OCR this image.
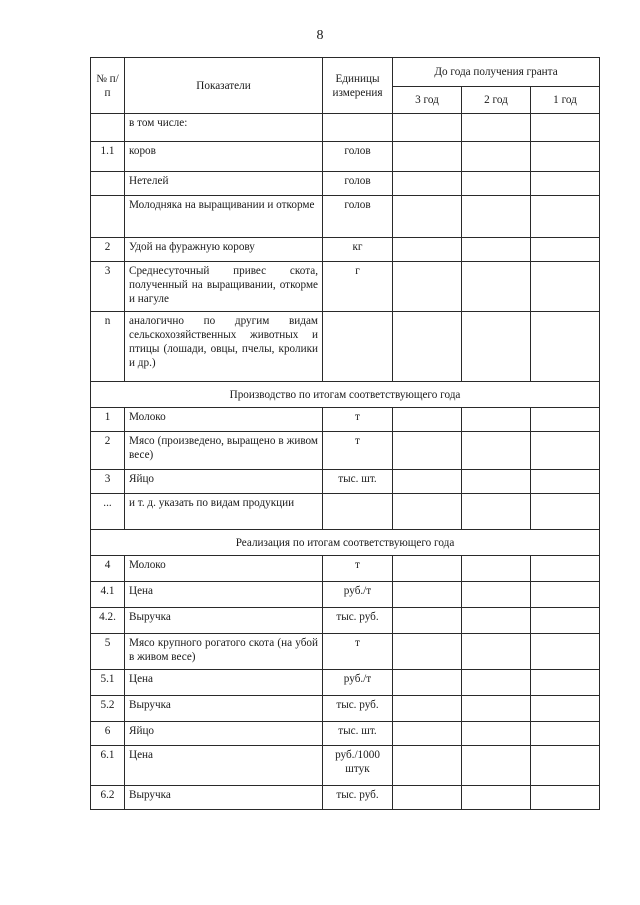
8
№ п/п	Показатели	Единицы измерения	До года получения гранта		
			3 год	2 год	1 год
	в том числе:				
1.1	коров	голов			
	Нетелей	голов			
	Молодняка на выращивании и откорме	голов			
2	Удой на фуражную корову	кг			
3	Среднесуточный привес скота, полученный на выращивании, откорме и нагуле	г			
n	аналогично по другим видам сельскохозяйственных животных и птицы (лошади, овцы, пчелы, кролики и др.)				
Производство по итогам соответствующего года					
1	Молоко	т			
2	Мясо (произведено, выращено в живом весе)	т			
3	Яйцо	тыс. шт.			
...	и т. д. указать по видам продукции				
Реализация по итогам соответствующего года					
4	Молоко	т			
4.1	Цена	руб./т			
4.2.	Выручка	тыс. руб.			
5	Мясо крупного рогатого скота (на убой в живом весе)	т			
5.1	Цена	руб./т			
5.2	Выручка	тыс. руб.			
6	Яйцо	тыс. шт.			
6.1	Цена	руб./1000 штук			
6.2	Выручка	тыс. руб.			
